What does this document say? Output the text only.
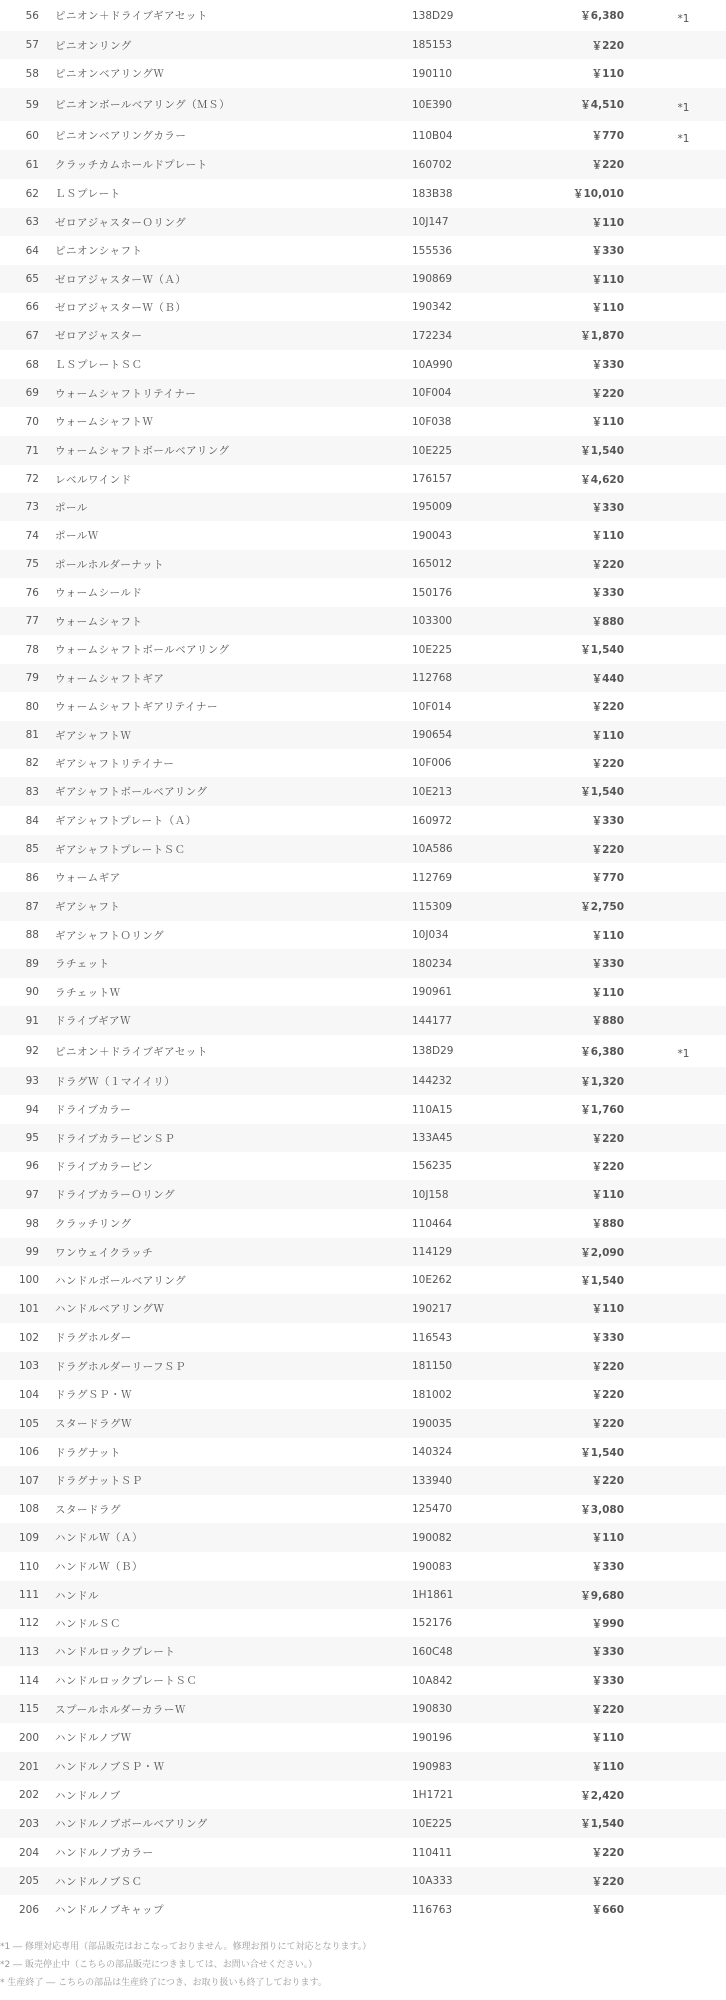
56	ピニオン＋ドライブギアセット	138D29	￥6,380	*1
57	ピニオンリング	185153	￥220	
58	ピニオンベアリングＷ	190110	￥110	
59	ピニオンボールベアリング（ＭＳ）	10E390	￥4,510	*1
60	ピニオンベアリングカラー	110B04	￥770	*1
61	クラッチカムホールドプレート	160702	￥220	
62	ＬＳプレート	183B38	￥10,010	
63	ゼロアジャスターＯリング	10J147	￥110	
64	ピニオンシャフト	155536	￥330	
65	ゼロアジャスターＷ（Ａ）	190869	￥110	
66	ゼロアジャスターＷ（Ｂ）	190342	￥110	
67	ゼロアジャスター	172234	￥1,870	
68	ＬＳプレートＳＣ	10A990	￥330	
69	ウォームシャフトリテイナー	10F004	￥220	
70	ウォームシャフトＷ	10F038	￥110	
71	ウォームシャフトボールベアリング	10E225	￥1,540	
72	レベルワインド	176157	￥4,620	
73	ポール	195009	￥330	
74	ポールＷ	190043	￥110	
75	ポールホルダーナット	165012	￥220	
76	ウォームシールド	150176	￥330	
77	ウォームシャフト	103300	￥880	
78	ウォームシャフトボールベアリング	10E225	￥1,540	
79	ウォームシャフトギア	112768	￥440	
80	ウォームシャフトギアリテイナー	10F014	￥220	
81	ギアシャフトＷ	190654	￥110	
82	ギアシャフトリテイナー	10F006	￥220	
83	ギアシャフトボールベアリング	10E213	￥1,540	
84	ギアシャフトプレート（Ａ）	160972	￥330	
85	ギアシャフトプレートＳＣ	10A586	￥220	
86	ウォームギア	112769	￥770	
87	ギアシャフト	115309	￥2,750	
88	ギアシャフトＯリング	10J034	￥110	
89	ラチェット	180234	￥330	
90	ラチェットＷ	190961	￥110	
91	ドライブギアＷ	144177	￥880	
92	ピニオン＋ドライブギアセット	138D29	￥6,380	*1
93	ドラグＷ（１マイイリ）	144232	￥1,320	
94	ドライブカラー	110A15	￥1,760	
95	ドライブカラーピンＳＰ	133A45	￥220	
96	ドライブカラーピン	156235	￥220	
97	ドライブカラーＯリング	10J158	￥110	
98	クラッチリング	110464	￥880	
99	ワンウェイクラッチ	114129	￥2,090	
100	ハンドルボールベアリング	10E262	￥1,540	
101	ハンドルベアリングＷ	190217	￥110	
102	ドラグホルダー	116543	￥330	
103	ドラグホルダーリーフＳＰ	181150	￥220	
104	ドラグＳＰ・Ｗ	181002	￥220	
105	スタードラグＷ	190035	￥220	
106	ドラグナット	140324	￥1,540	
107	ドラグナットＳＰ	133940	￥220	
108	スタードラグ	125470	￥3,080	
109	ハンドルＷ（Ａ）	190082	￥110	
110	ハンドルＷ（Ｂ）	190083	￥330	
111	ハンドル	1H1861	￥9,680	
112	ハンドルＳＣ	152176	￥990	
113	ハンドルロックプレート	160C48	￥330	
114	ハンドルロックプレートＳＣ	10A842	￥330	
115	スプールホルダーカラーＷ	190830	￥220	
200	ハンドルノブＷ	190196	￥110	
201	ハンドルノブＳＰ・Ｗ	190983	￥110	
202	ハンドルノブ	1H1721	￥2,420	
203	ハンドルノブボールベアリング	10E225	￥1,540	
204	ハンドルノブカラー	110411	￥220	
205	ハンドルノブＳＣ	10A333	￥220	
206	ハンドルノブキャップ	116763	￥660	
*1 ― 修理対応専用（部品販売はおこなっておりません。修理お預りにて対応となります。）
*2 ― 販売停止中（こちらの部品販売につきましては、お問い合せください。）
* 生産終了 ― こちらの部品は生産終了につき、お取り扱いも終了しております。
